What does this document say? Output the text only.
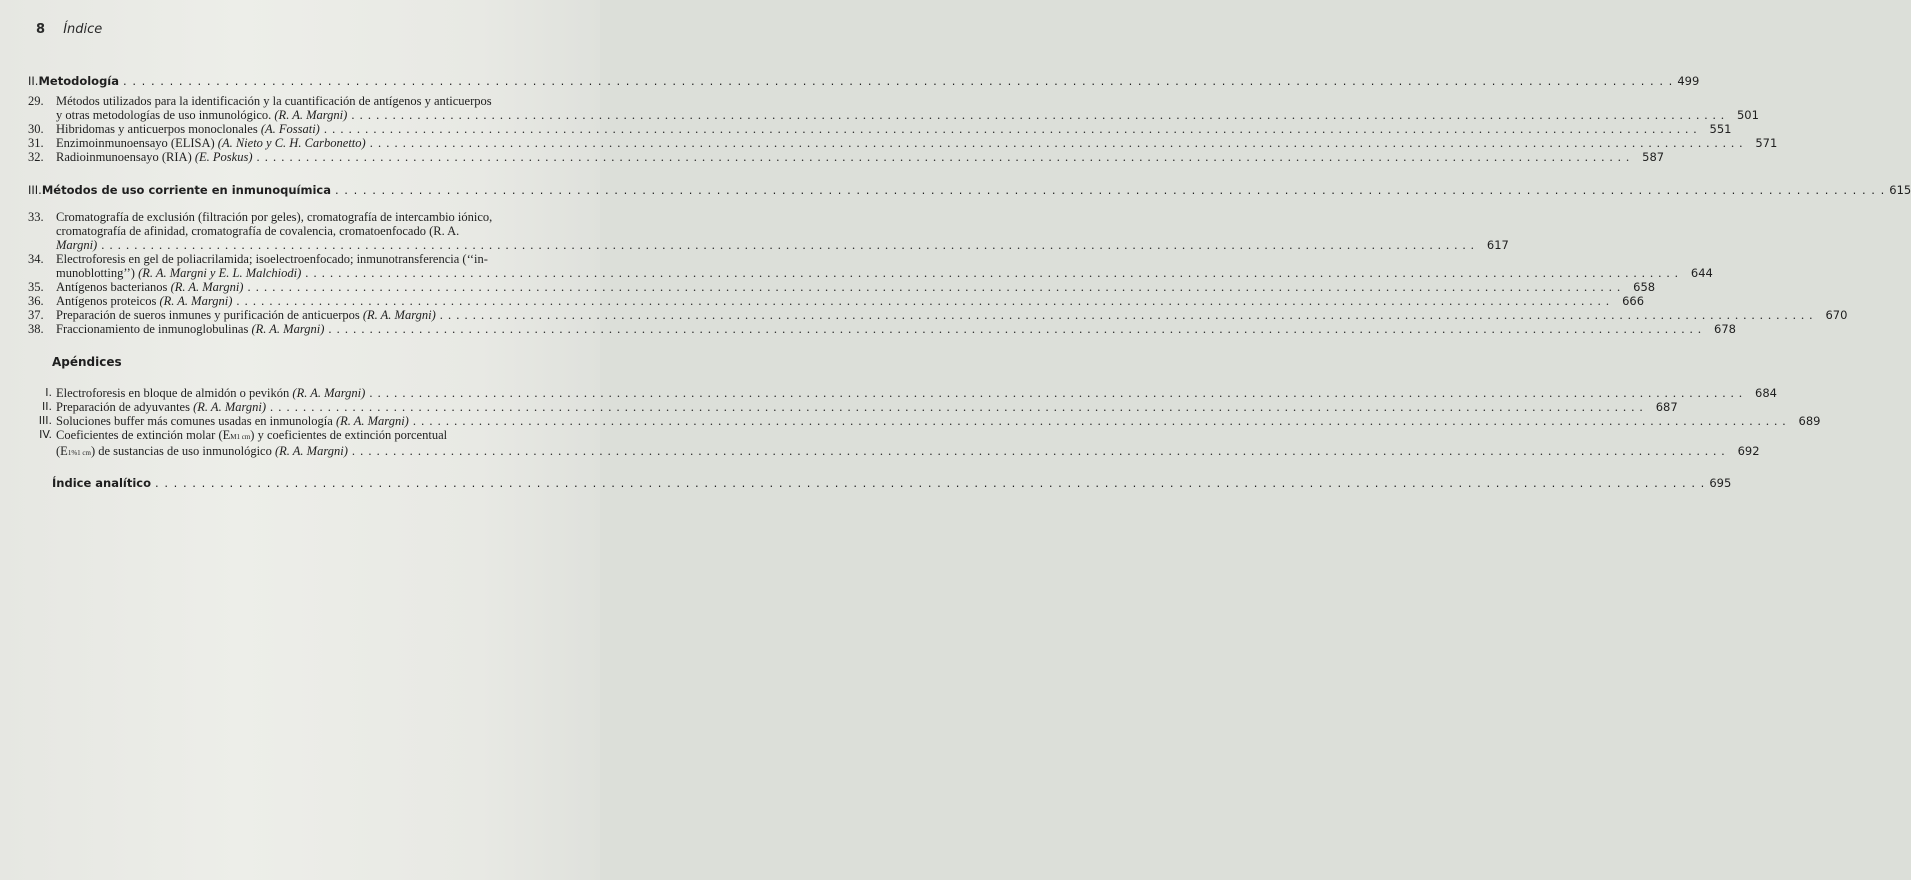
8 Índice
II. Metodología . . .	499
29. Métodos utilizados para la identificación y la cuantificación de antígenos y anticuerpos
y otras metodologías de uso inmunológico.
(R. A. Margni) . . .	501
30. Hibridomas y anticuerpos monoclonales
(A. Fossati) . . .	551
31. Enzimoinmunoensayo (ELISA)
(A. Nieto y C. H. Carbonetto) . . .	571
32. Radioinmunoensayo (RIA)
(E. Poskus) . . .	587
III. Métodos de uso corriente en inmunoquímica . . .	615
33. Cromatografía de exclusión (filtración por geles), cromatografía de intercambio iónico,
cromatografía de afinidad, cromatografía de covalencia, cromatoenfocado (R. A.
Margni) . . .	617
34. Electroforesis en gel de poliacrilamida; isoelectroenfocado; inmunotransferencia (‘‘in-
munoblotting’’)
(R. A. Margni y E. L. Malchiodi) . . .	644
35. Antígenos bacterianos
(R. A. Margni) . . .	658
36. Antígenos proteicos
(R. A. Margni) . . .	666
37. Preparación de sueros inmunes y purificación de anticuerpos
(R. A. Margni) . . .	670
38. Fraccionamiento de inmunoglobulinas
(R. A. Margni) . . .	678
Apéndices
I. Electroforesis en bloque de almidón o pevikón
(R. A. Margni) . . .	684
II. Preparación de adyuvantes
(R. A. Margni) . . .	687
III. Soluciones buffer más comunes usadas en inmunología
(R. A. Margni) . . .	689
IV. Coeficientes de extinción molar (E M 1 cm ) y coeficientes de extinción porcentual
(E 1% 1 cm ) de sustancias de uso inmunológico
(R. A. Margni) . . .	692
Índice analítico . . .	695
